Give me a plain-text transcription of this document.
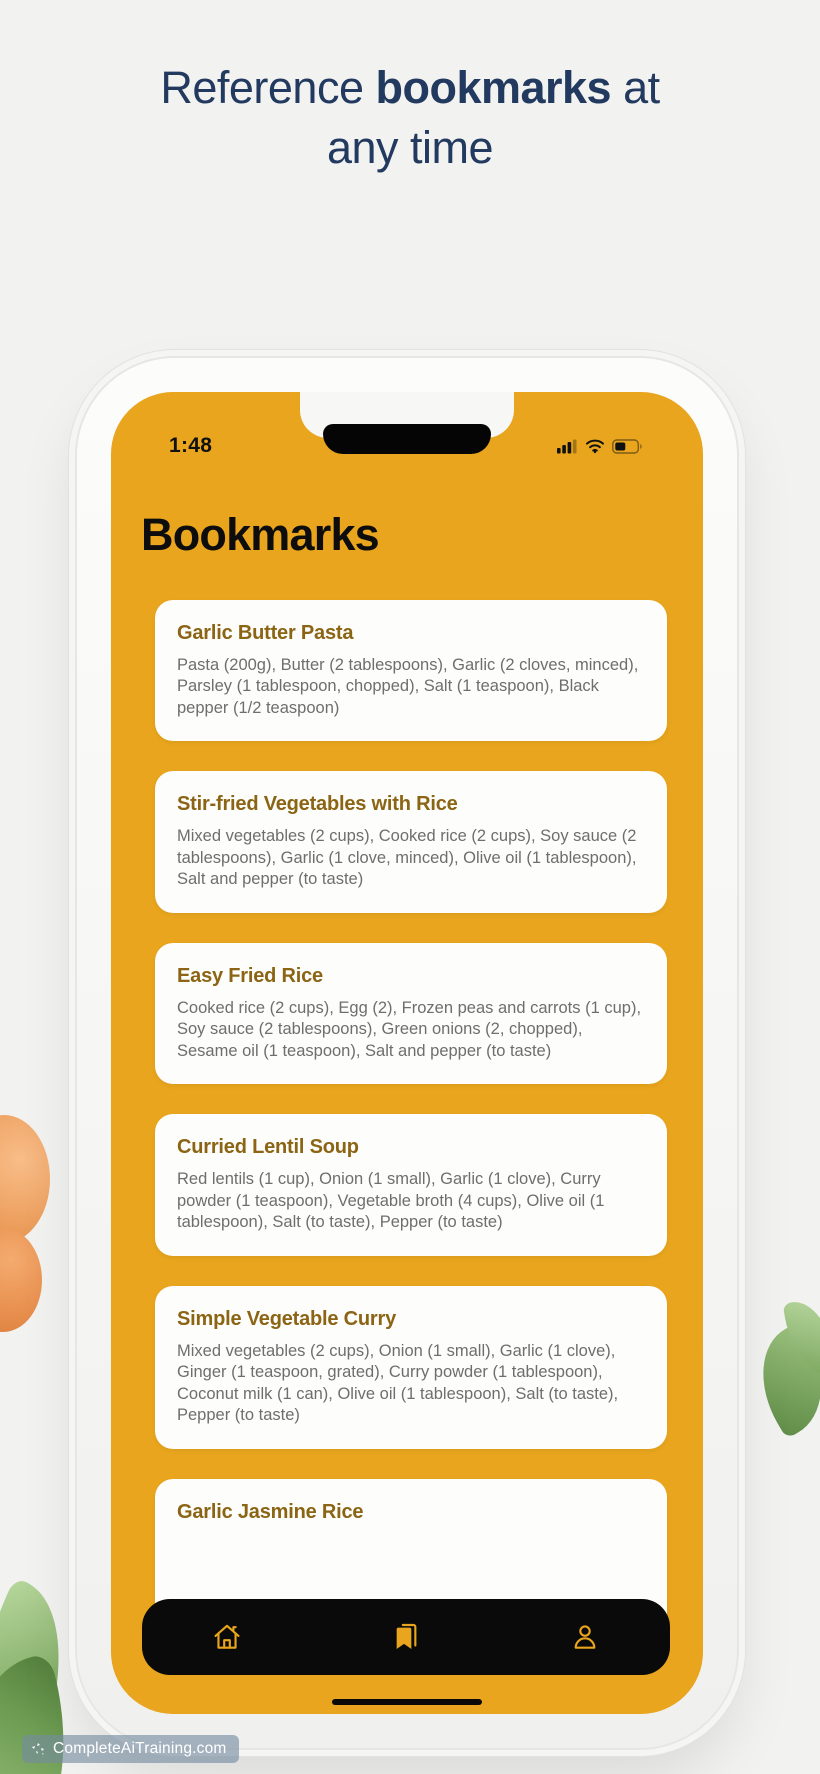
Reference bookmarks at any time
1:48
Bookmarks
Garlic Butter Pasta

Pasta (200g), Butter (2 tablespoons), Garlic (2 cloves, minced), Parsley (1 tablespoon, chopped), Salt (1 teaspoon), Black pepper (1/2 teaspoon)

Stir-fried Vegetables with Rice

Mixed vegetables (2 cups), Cooked rice (2 cups), Soy sauce (2 tablespoons), Garlic (1 clove, minced), Olive oil (1 tablespoon), Salt and pepper (to taste)

Easy Fried Rice

Cooked rice (2 cups), Egg (2), Frozen peas and carrots (1 cup), Soy sauce (2 tablespoons), Green onions (2, chopped), Sesame oil (1 teaspoon), Salt and pepper (to taste)

Curried Lentil Soup

Red lentils (1 cup), Onion (1 small), Garlic (1 clove), Curry powder (1 teaspoon), Vegetable broth (4 cups), Olive oil (1 tablespoon), Salt (to taste), Pepper (to taste)

Simple Vegetable Curry

Mixed vegetables (2 cups), Onion (1 small), Garlic (1 clove), Ginger (1 teaspoon, grated), Curry powder (1 tablespoon), Coconut milk (1 can), Olive oil (1 tablespoon), Salt (to taste), Pepper (to taste)

Garlic Jasmine Rice

CompleteAiTraining.com
